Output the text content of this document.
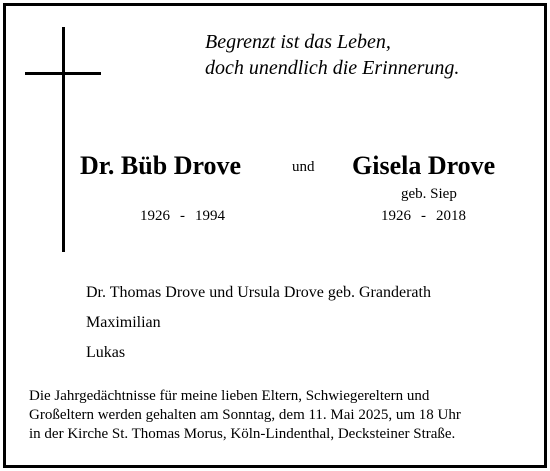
Begrenzt ist das Leben,
doch unendlich die Erinnerung.
Dr. Büb Drove	und Gisela Drove
geb. Siep
1926 - 1994	1926 - 2018
Dr. Thomas Drove und Ursula Drove geb. Granderath
Maximilian
Lukas
Die Jahrgedächtnisse für meine lieben Eltern, Schwiegereltern und
Großeltern werden gehalten am Sonntag, dem 11. Mai 2025, um 18 Uhr
in der Kirche St. Thomas Morus, Köln-Lindenthal, Decksteiner Straße.
